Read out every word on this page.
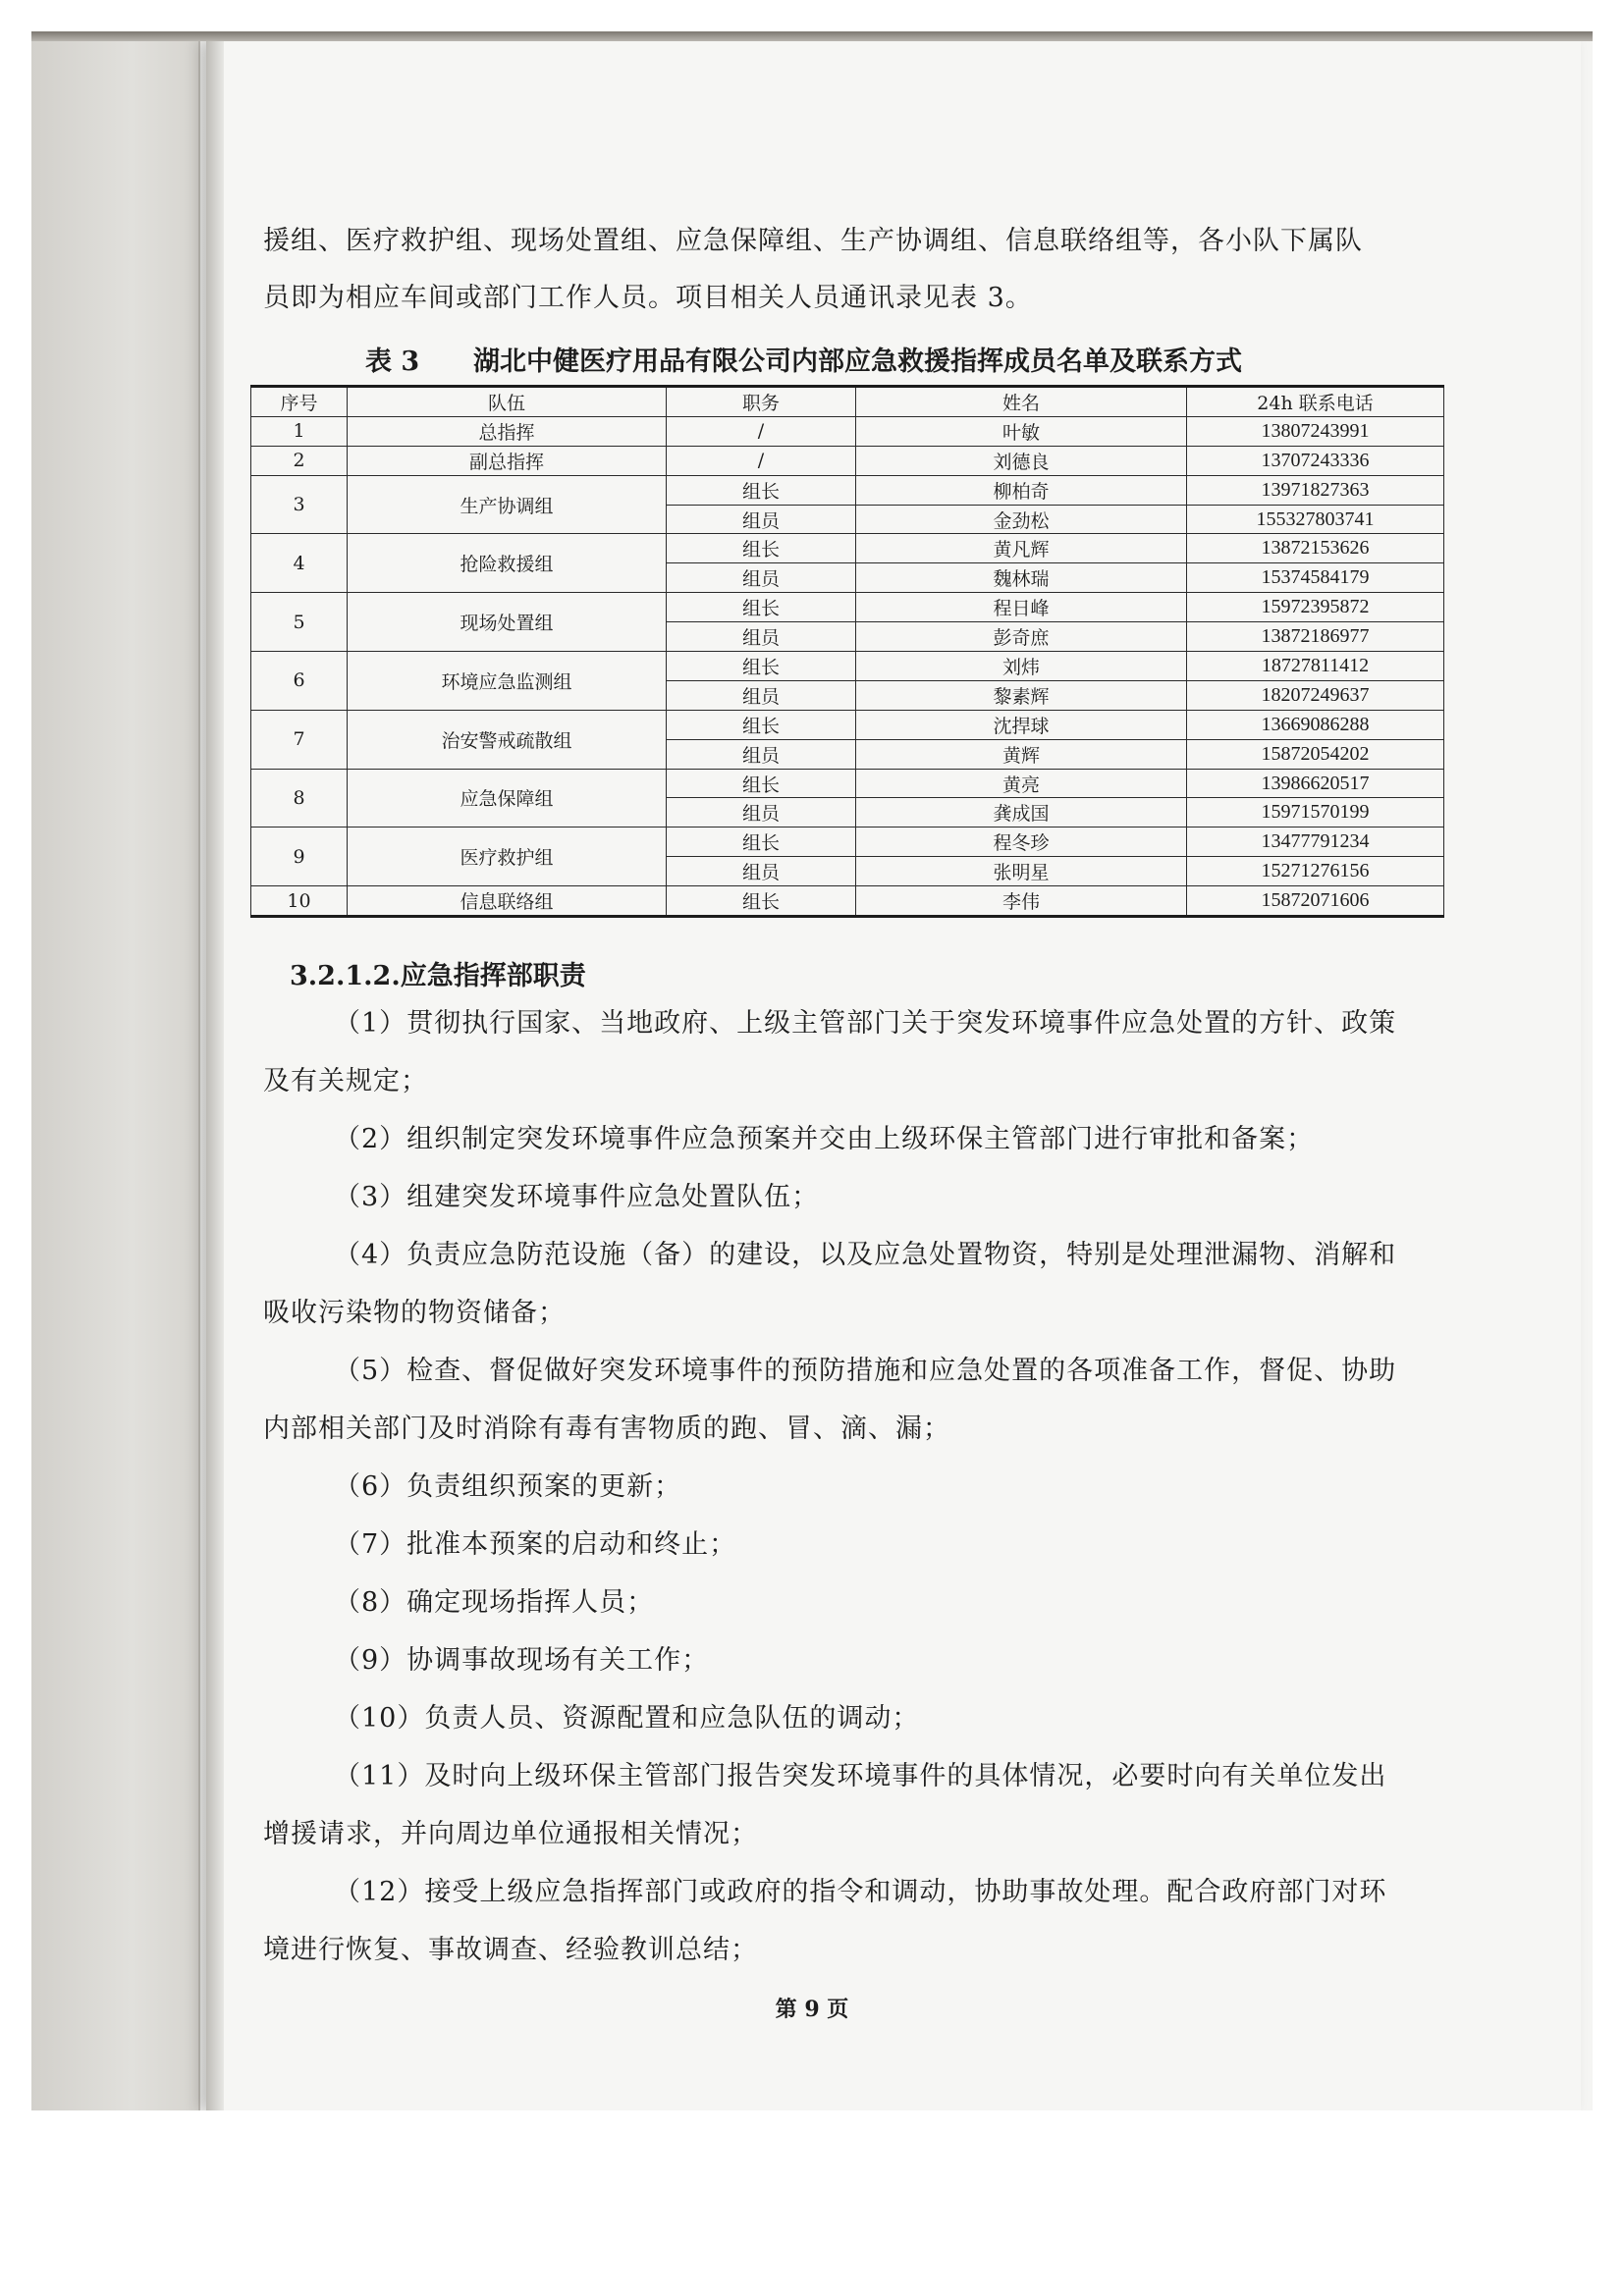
援组、医疗救护组、现场处置组、应急保障组、生产协调组、信息联络组等，各小队下属队
员即为相应车间或部门工作人员。项目相关人员通讯录见表 3。
表 3 湖北中健医疗用品有限公司内部应急救援指挥成员名单及联系方式
序号	队伍	职务	姓名	24h 联系电话
1	总指挥	/	叶敏	13807243991
2	副总指挥	/	刘德良	13707243336
3	生产协调组	组长	柳柏奇	13971827363
		组员	金劲松	155327803741
4	抢险救援组	组长	黄凡辉	13872153626
		组员	魏林瑞	15374584179
5	现场处置组	组长	程日峰	15972395872
		组员	彭奇庶	13872186977
6	环境应急监测组	组长	刘炜	18727811412
		组员	黎素辉	18207249637
7	治安警戒疏散组	组长	沈捍球	13669086288
		组员	黄辉	15872054202
8	应急保障组	组长	黄亮	13986620517
		组员	龚成国	15971570199
9	医疗救护组	组长	程冬珍	13477791234
		组员	张明星	15271276156
10	信息联络组	组长	李伟	15872071606
3.2.1.2.应急指挥部职责
（1）贯彻执行国家、当地政府、上级主管部门关于突发环境事件应急处置的方针、政策
及有关规定；
（2）组织制定突发环境事件应急预案并交由上级环保主管部门进行审批和备案；
（3）组建突发环境事件应急处置队伍；
（4）负责应急防范设施（备）的建设，以及应急处置物资，特别是处理泄漏物、消解和
吸收污染物的物资储备；
（5）检查、督促做好突发环境事件的预防措施和应急处置的各项准备工作，督促、协助
内部相关部门及时消除有毒有害物质的跑、冒、滴、漏；
（6）负责组织预案的更新；
（7）批准本预案的启动和终止；
（8）确定现场指挥人员；
（9）协调事故现场有关工作；
（10）负责人员、资源配置和应急队伍的调动；
（11）及时向上级环保主管部门报告突发环境事件的具体情况，必要时向有关单位发出
增援请求，并向周边单位通报相关情况；
（12）接受上级应急指挥部门或政府的指令和调动，协助事故处理。配合政府部门对环
境进行恢复、事故调查、经验教训总结；
第 9 页
